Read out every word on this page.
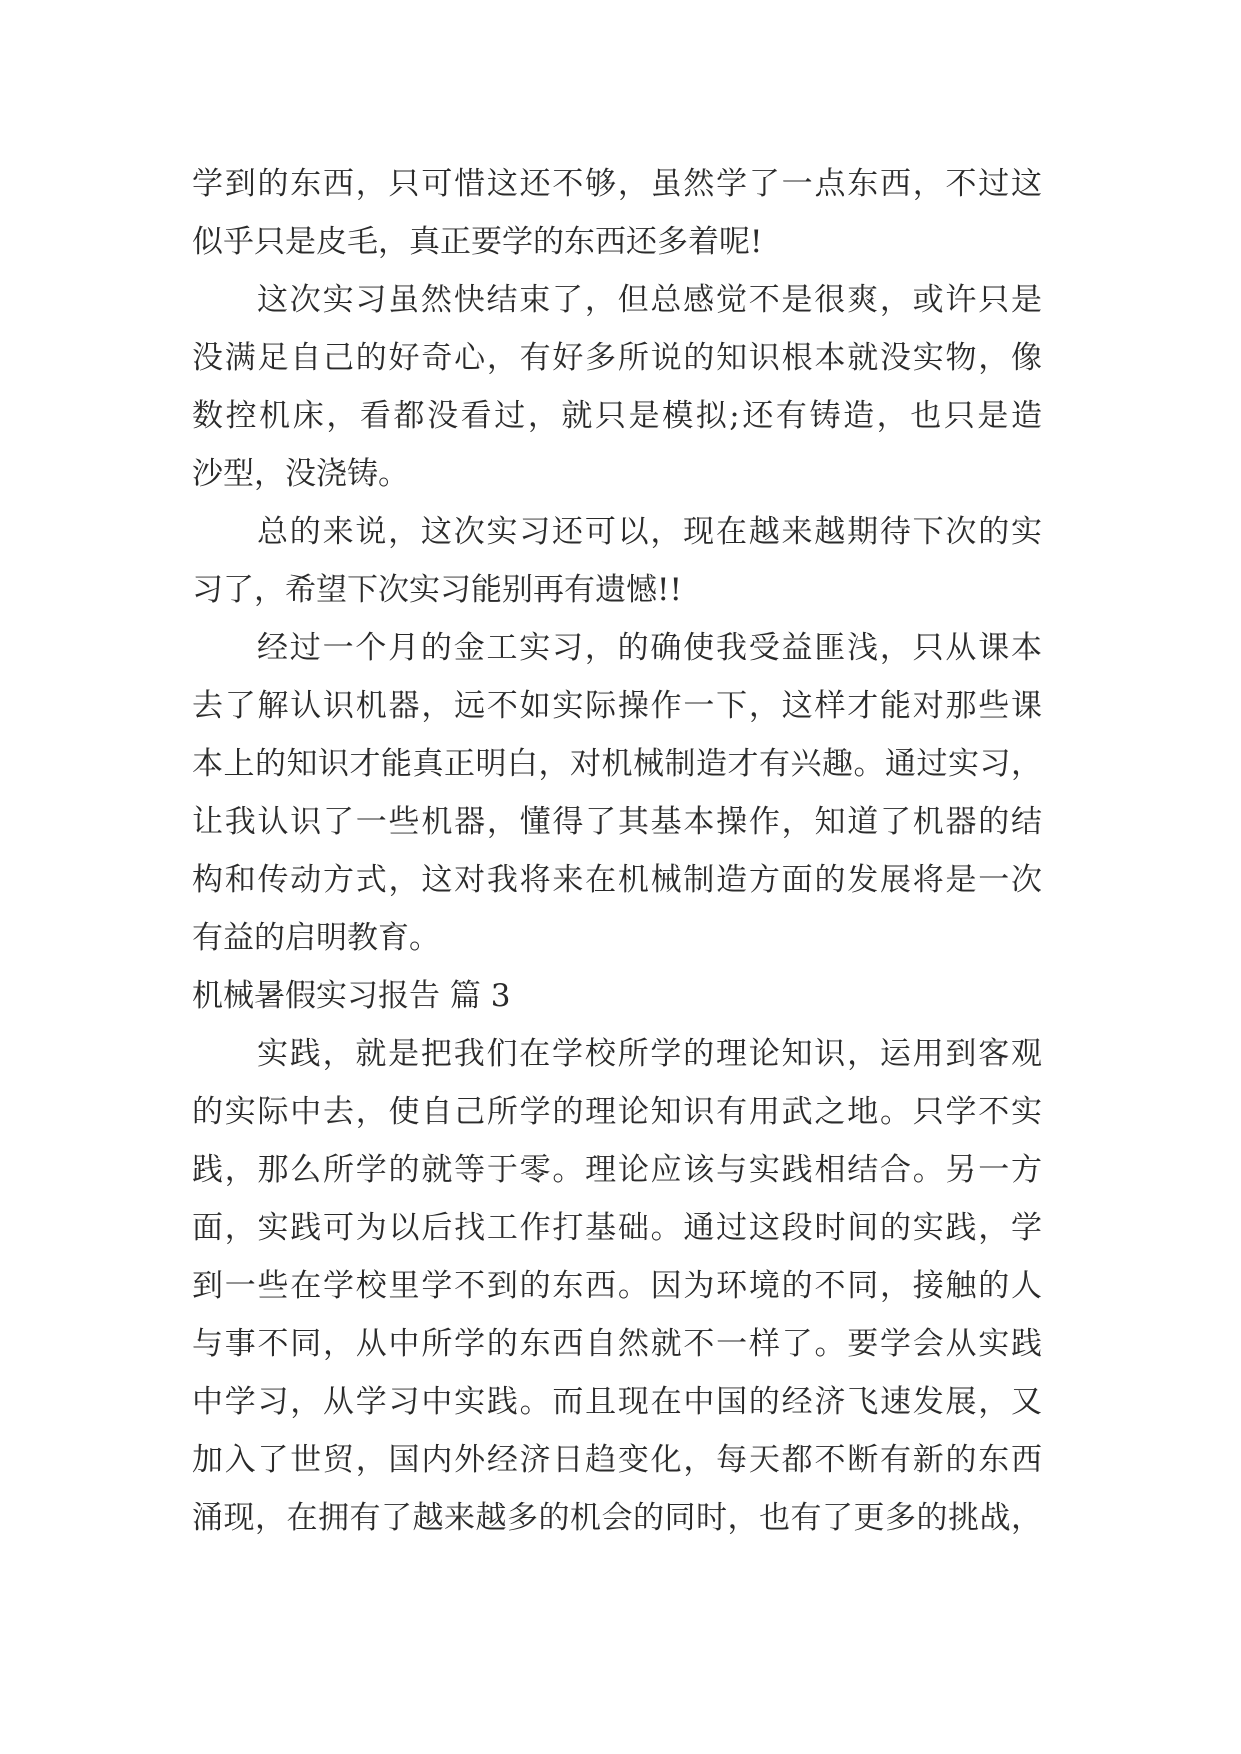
学到的东西，只可惜这还不够，虽然学了一点东西，不过这
似乎只是皮毛，真正要学的东西还多着呢!
这次实习虽然快结束了，但总感觉不是很爽，或许只是
没满足自己的好奇心，有好多所说的知识根本就没实物，像
数控机床，看都没看过，就只是模拟;还有铸造，也只是造
沙型，没浇铸。
总的来说，这次实习还可以，现在越来越期待下次的实
习了，希望下次实习能别再有遗憾!!
经过一个月的金工实习，的确使我受益匪浅，只从课本
去了解认识机器，远不如实际操作一下，这样才能对那些课
本上的知识才能真正明白，对机械制造才有兴趣。通过实习，
让我认识了一些机器，懂得了其基本操作，知道了机器的结
构和传动方式，这对我将来在机械制造方面的发展将是一次
有益的启明教育。
机械暑假实习报告 篇 3
实践，就是把我们在学校所学的理论知识，运用到客观
的实际中去，使自己所学的理论知识有用武之地。只学不实
践，那么所学的就等于零。理论应该与实践相结合。另一方
面，实践可为以后找工作打基础。通过这段时间的实践，学
到一些在学校里学不到的东西。因为环境的不同，接触的人
与事不同，从中所学的东西自然就不一样了。要学会从实践
中学习，从学习中实践。而且现在中国的经济飞速发展，又
加入了世贸，国内外经济日趋变化，每天都不断有新的东西
涌现，在拥有了越来越多的机会的同时，也有了更多的挑战，
